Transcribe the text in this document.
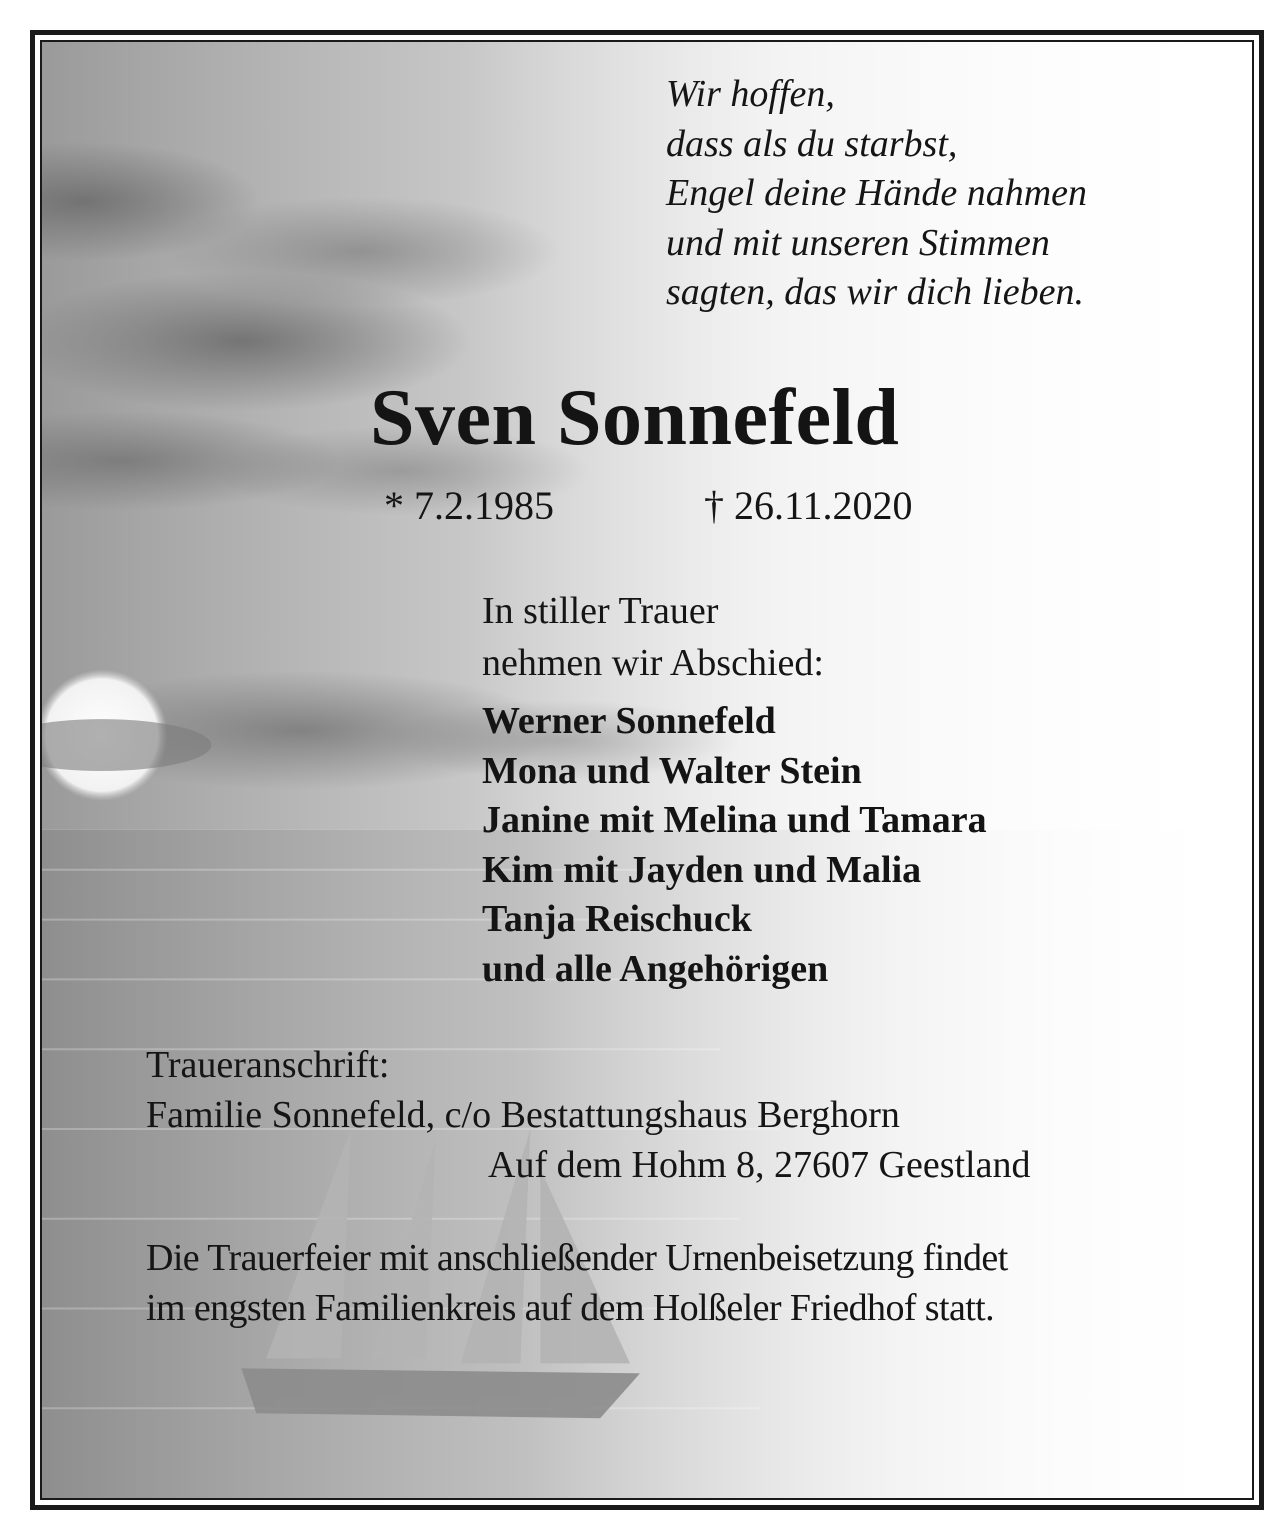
Wir hoffen,
dass als du starbst,
Engel deine Hände nahmen
und mit unseren Stimmen
sagten, das wir dich lieben.
Sven Sonnefeld
* 7.2.1985	† 26.11.2020
In stiller Trauer
nehmen wir Abschied:
Werner Sonnefeld
Mona und Walter Stein
Janine mit Melina und Tamara
Kim mit Jayden und Malia
Tanja Reischuck
und alle Angehörigen
Traueranschrift:
Familie Sonnefeld, c/o Bestattungshaus Berghorn
Auf dem Hohm 8, 27607 Geestland
Die Trauerfeier mit anschließender Urnenbeisetzung findet
im engsten Familienkreis auf dem Holßeler Friedhof statt.
